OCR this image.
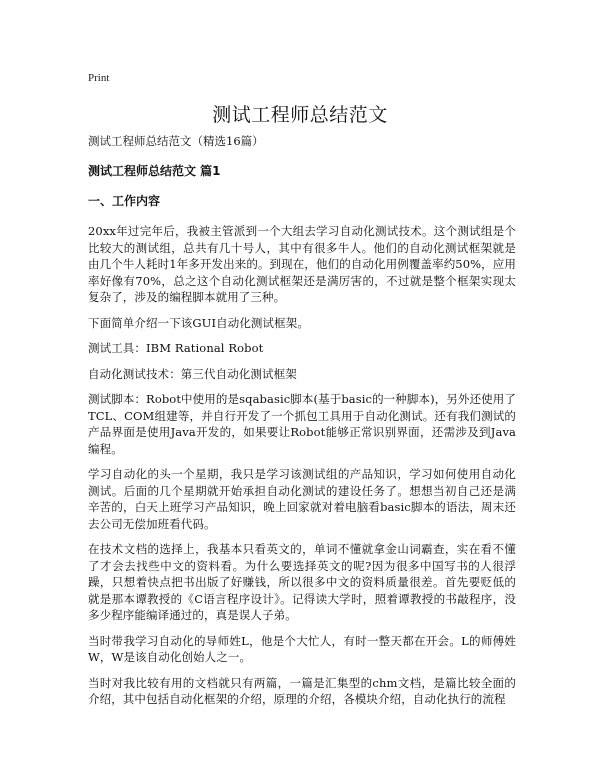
Print
测试工程师总结范文

测试工程师总结范文（精选16篇）

测试工程师总结范文 篇1

一、工作内容

20xx年过完年后，我被主管派到一个大组去学习自动化测试技术。这个测试组是个比较大的测试组，总共有几十号人，其中有很多牛人。他们的自动化测试框架就是由几个牛人耗时1年多开发出来的。到现在，他们的自动化用例覆盖率约50%，应用率好像有70%，总之这个自动化测试框架还是满厉害的，不过就是整个框架实现太复杂了，涉及的编程脚本就用了三种。

下面简单介绍一下该GUI自动化测试框架。

测试工具：IBM Rational Robot

自动化测试技术：第三代自动化测试框架

测试脚本：Robot中使用的是sqabasic脚本(基于basic的一种脚本)，另外还使用了TCL、COM组建等，并自行开发了一个抓包工具用于自动化测试。还有我们测试的产品界面是使用Java开发的，如果要让Robot能够正常识别界面，还需涉及到Java编程。

学习自动化的头一个星期，我只是学习该测试组的产品知识，学习如何使用自动化测试。后面的几个星期就开始承担自动化测试的建设任务了。想想当初自己还是满辛苦的，白天上班学习产品知识，晚上回家就对着电脑看basic脚本的语法，周末还去公司无偿加班看代码。

在技术文档的选择上，我基本只看英文的，单词不懂就拿金山词霸查，实在看不懂了才会去找些中文的资料看。为什么要选择英文的呢?因为很多中国写书的人很浮躁，只想着快点把书出版了好赚钱，所以很多中文的资料质量很差。首先要贬低的就是那本谭教授的《C语言程序设计》。记得读大学时，照着谭教授的书敲程序，没多少程序能编译通过的，真是误人子弟。

当时带我学习自动化的导师姓L，他是个大忙人，有时一整天都在开会。L的师傅姓W，W是该自动化创始人之一。

当时对我比较有用的文档就只有两篇，一篇是汇集型的chm文档，是篇比较全面的介绍，其中包括自动化框架的介绍，原理的介绍，各模块介绍，自动化执行的流程
